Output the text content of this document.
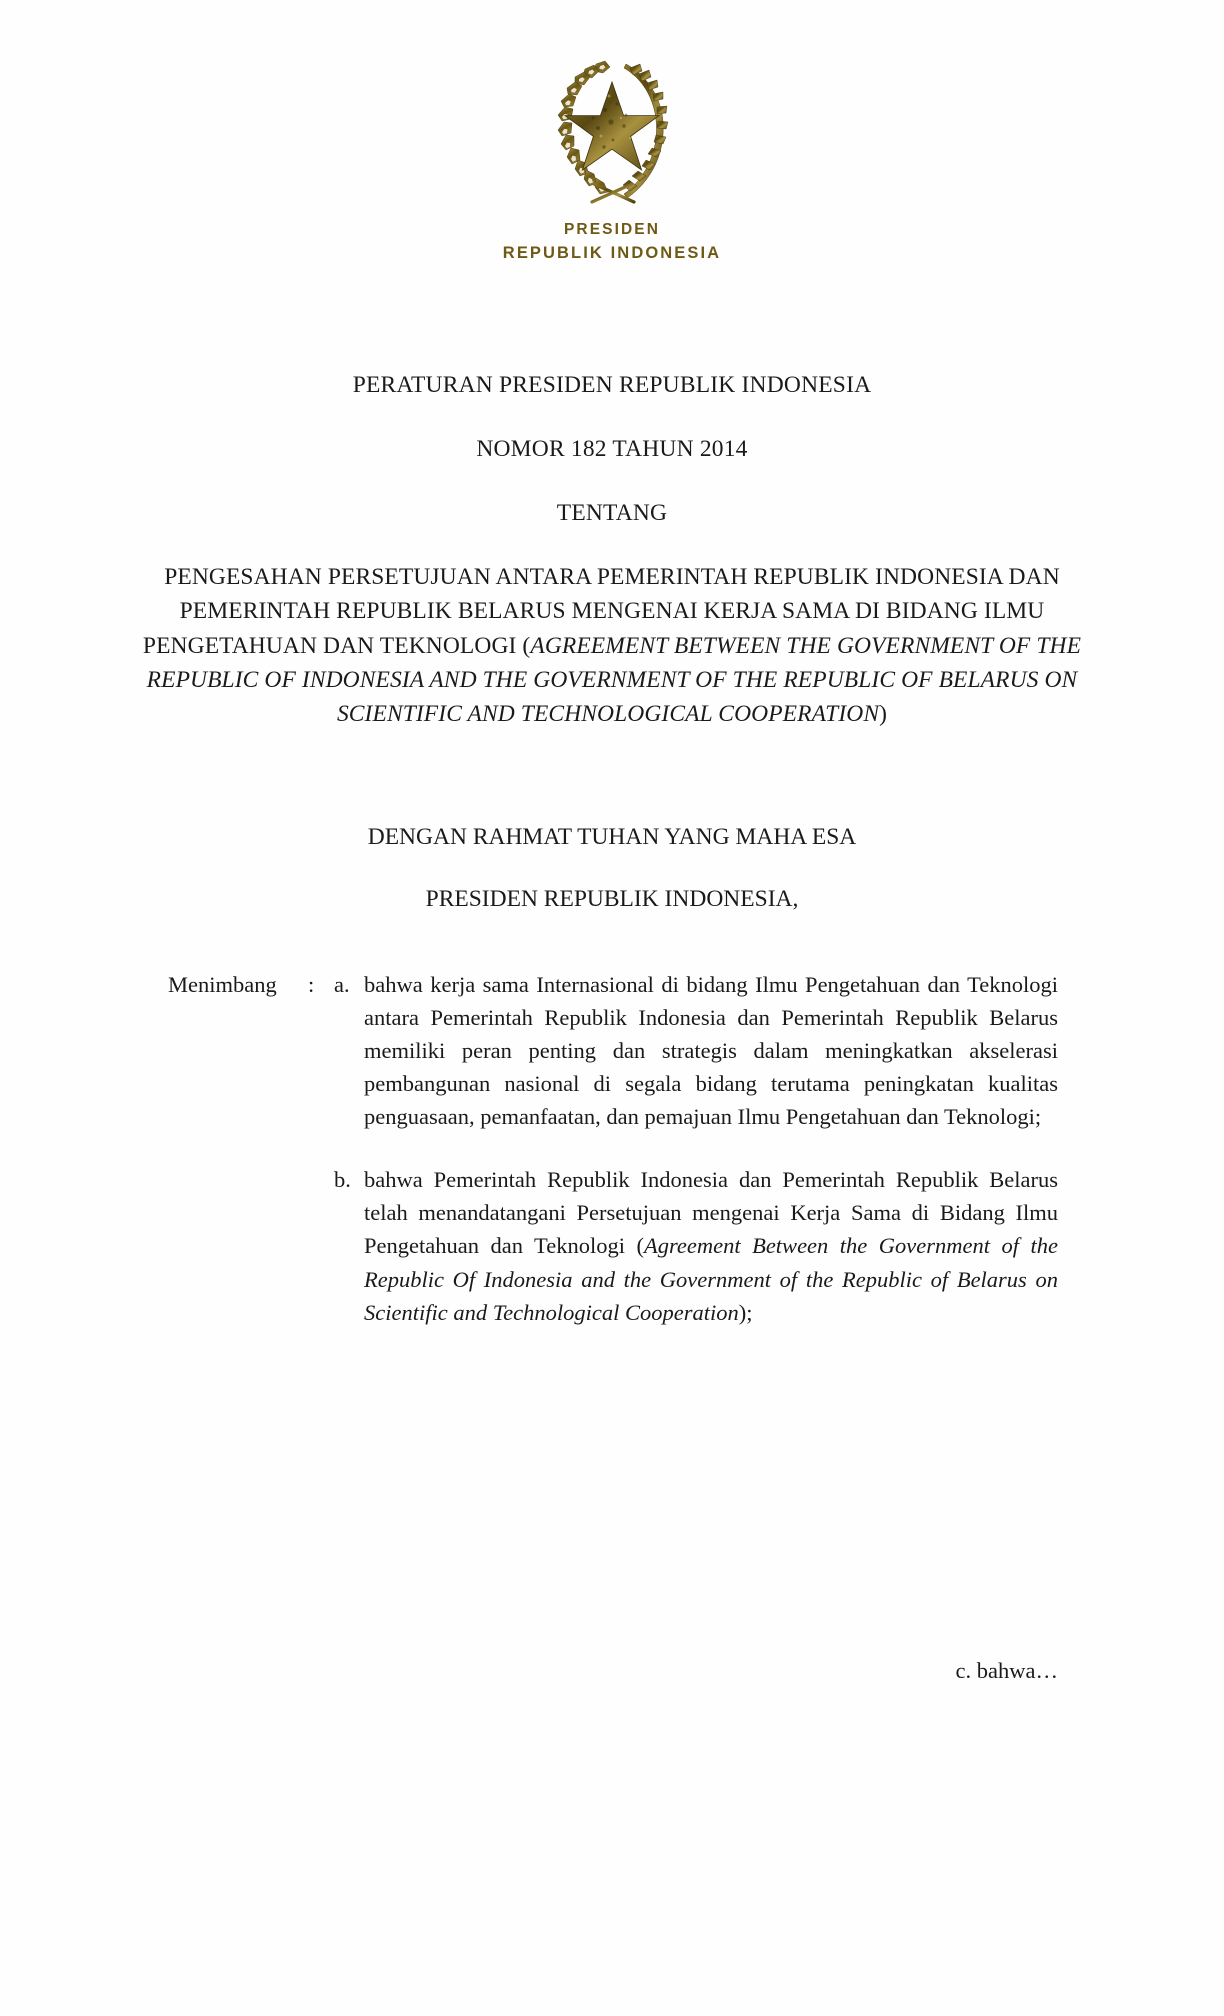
PRESIDEN
REPUBLIK INDONESIA
PERATURAN PRESIDEN REPUBLIK INDONESIA
NOMOR 182 TAHUN 2014
TENTANG

PENGESAHAN PERSETUJUAN ANTARA PEMERINTAH REPUBLIK INDONESIA DAN PEMERINTAH REPUBLIK BELARUS MENGENAI KERJA SAMA DI BIDANG ILMU PENGETAHUAN DAN TEKNOLOGI (AGREEMENT BETWEEN THE GOVERNMENT OF THE REPUBLIC OF INDONESIA AND THE GOVERNMENT OF THE REPUBLIC OF BELARUS ON SCIENTIFIC AND TECHNOLOGICAL COOPERATION)

DENGAN RAHMAT TUHAN YANG MAHA ESA
PRESIDEN REPUBLIK INDONESIA,
Menimbang	: a. bahwa kerja sama Internasional di bidang Ilmu Pengetahuan dan Teknologi antara Pemerintah Republik Indonesia dan Pemerintah Republik Belarus memiliki peran penting dan strategis dalam meningkatkan akselerasi pembangunan nasional di segala bidang terutama peningkatan kualitas penguasaan, pemanfaatan, dan pemajuan Ilmu Pengetahuan dan Teknologi;
b. bahwa Pemerintah Republik Indonesia dan Pemerintah Republik Belarus telah menandatangani Persetujuan mengenai Kerja Sama di Bidang Ilmu Pengetahuan dan Teknologi (Agreement Between the Government of the Republic Of Indonesia and the Government of the Republic of Belarus on Scientific and Technological Cooperation);
c. bahwa…
